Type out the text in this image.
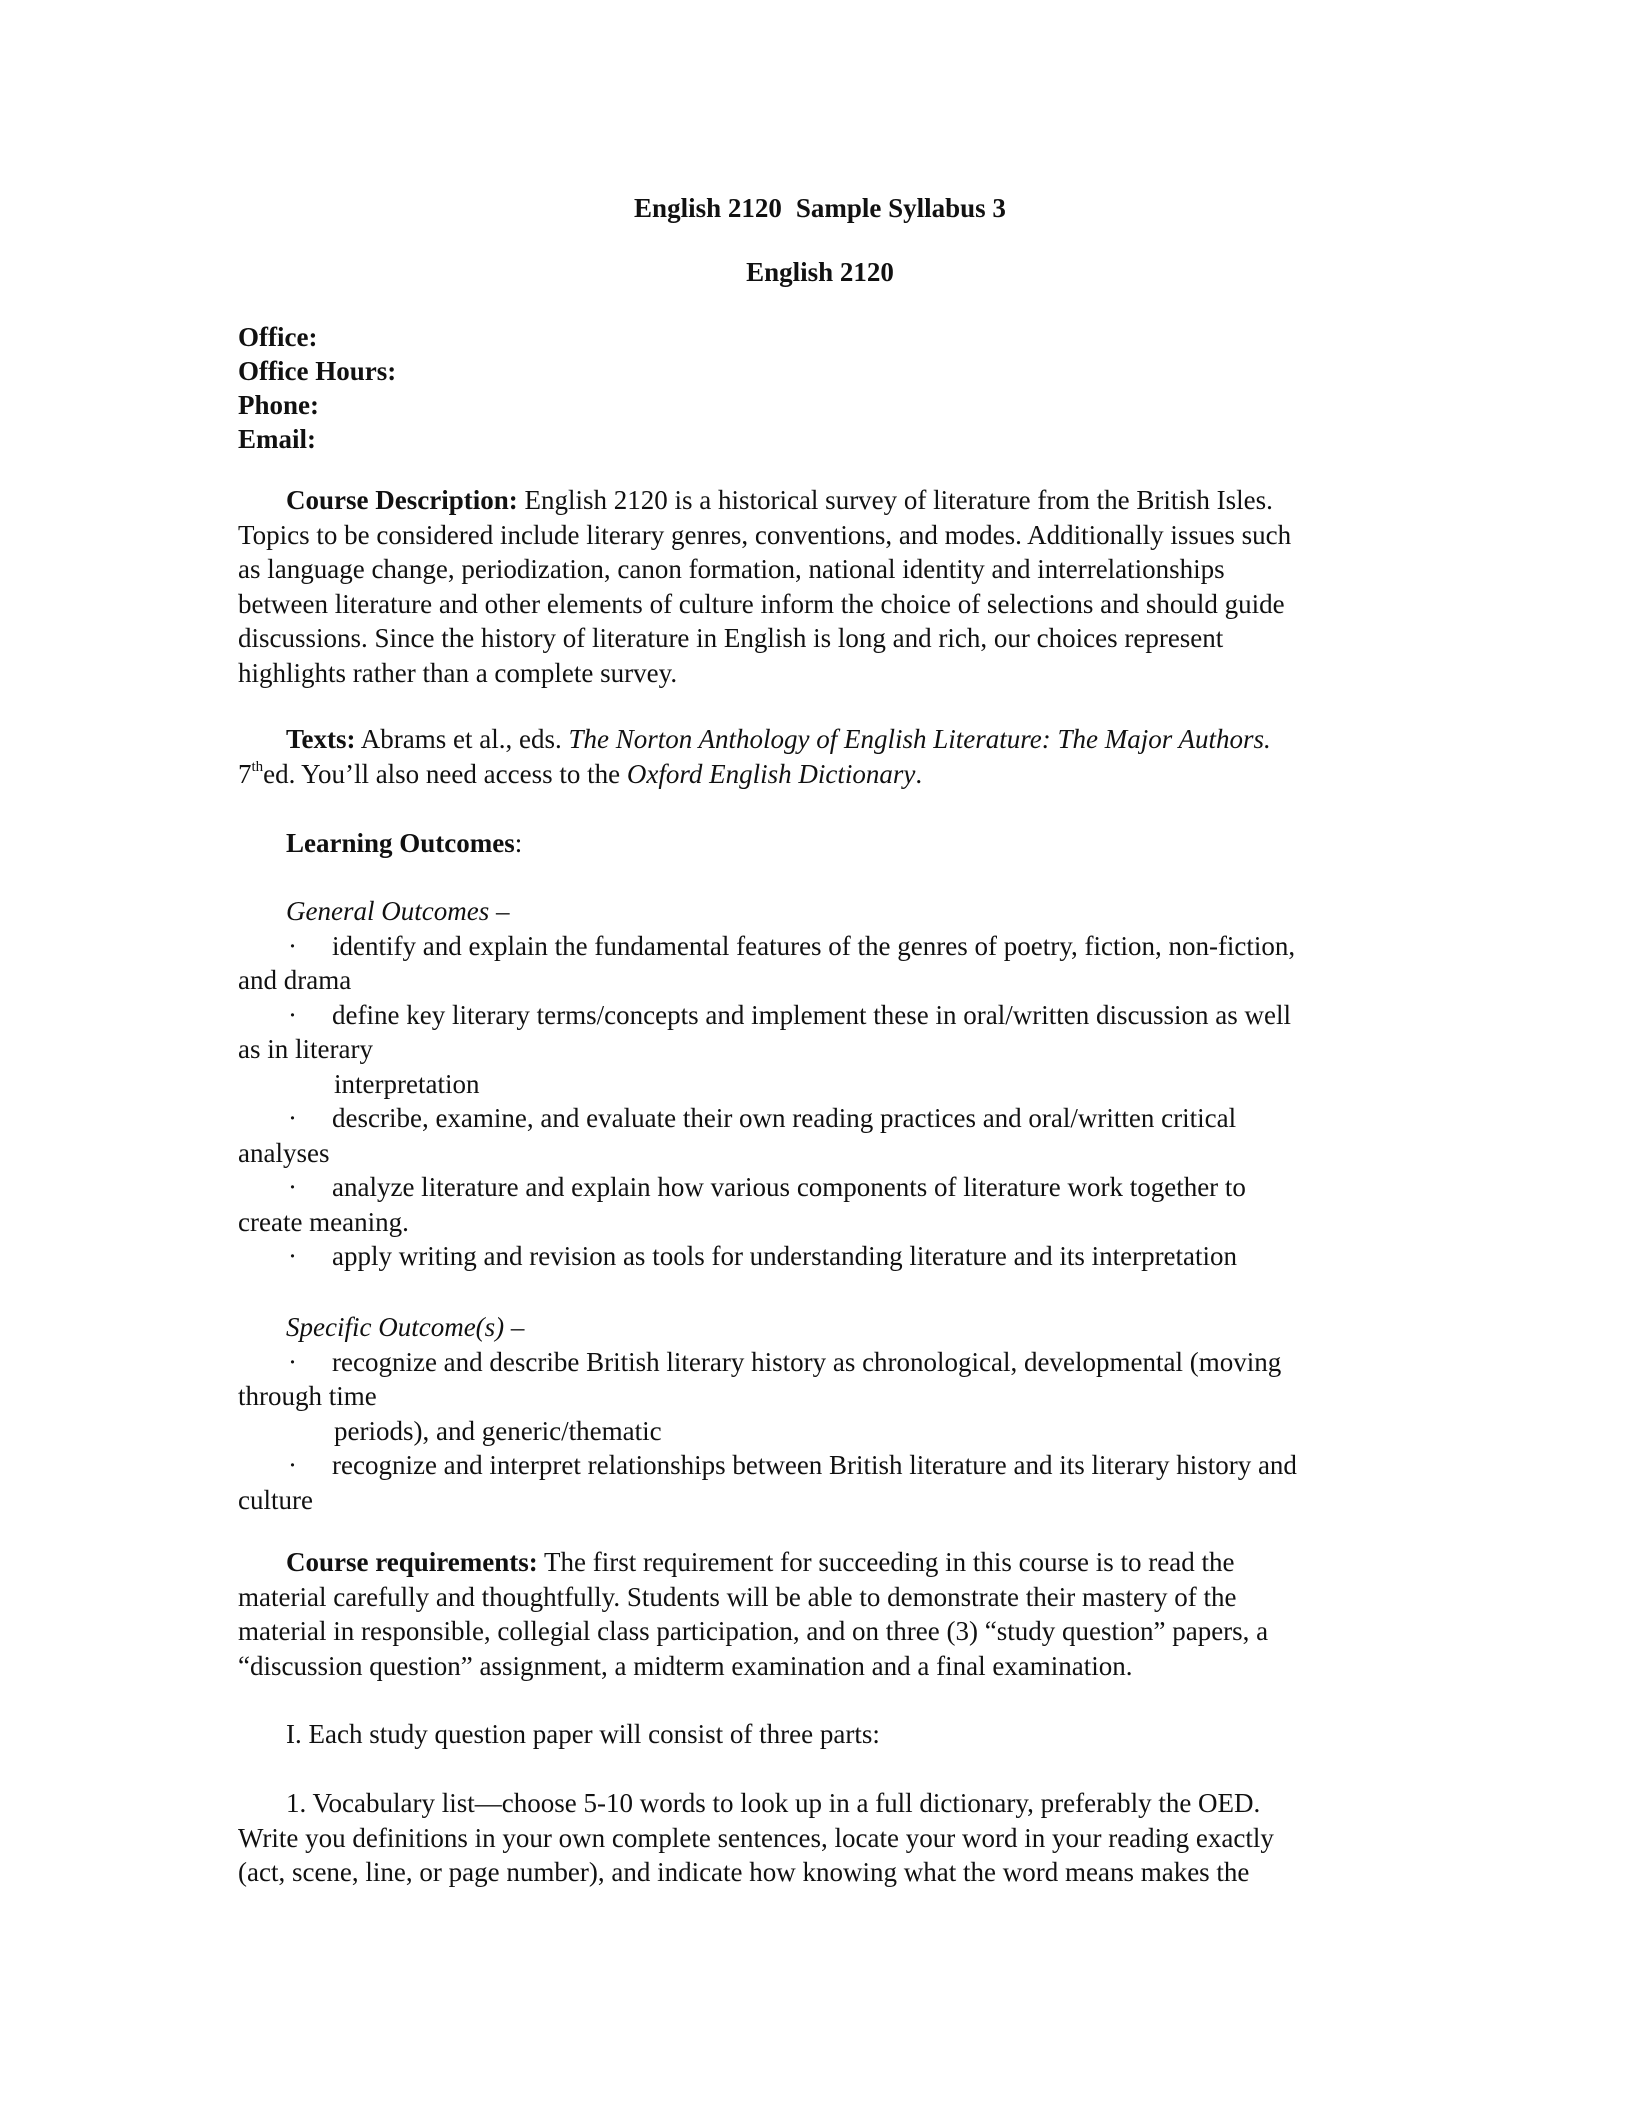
English 2120 Sample Syllabus 3
English 2120
Office:
Office Hours:
Phone:
Email:
Course Description: English 2120 is a historical survey of literature from the British Isles.
Topics to be considered include literary genres, conventions, and modes. Additionally issues such
as language change, periodization, canon formation, national identity and interrelationships
between literature and other elements of culture inform the choice of selections and should guide
discussions. Since the history of literature in English is long and rich, our choices represent
highlights rather than a complete survey.
Texts: Abrams et al., eds. The Norton Anthology of English Literature: The Major Authors.
7thed. You’ll also need access to the Oxford English Dictionary.
Learning Outcomes:
General Outcomes –
· identify and explain the fundamental features of the genres of poetry, fiction, non-fiction,
and drama
· define key literary terms/concepts and implement these in oral/written discussion as well
as in literary
interpretation
· describe, examine, and evaluate their own reading practices and oral/written critical
analyses
· analyze literature and explain how various components of literature work together to
create meaning.
· apply writing and revision as tools for understanding literature and its interpretation
Specific Outcome(s) –
· recognize and describe British literary history as chronological, developmental (moving
through time
periods), and generic/thematic
· recognize and interpret relationships between British literature and its literary history and
culture
Course requirements: The first requirement for succeeding in this course is to read the
material carefully and thoughtfully. Students will be able to demonstrate their mastery of the
material in responsible, collegial class participation, and on three (3) “study question” papers, a
“discussion question” assignment, a midterm examination and a final examination.
I. Each study question paper will consist of three parts:
1. Vocabulary list—choose 5-10 words to look up in a full dictionary, preferably the OED.
Write you definitions in your own complete sentences, locate your word in your reading exactly
(act, scene, line, or page number), and indicate how knowing what the word means makes the
